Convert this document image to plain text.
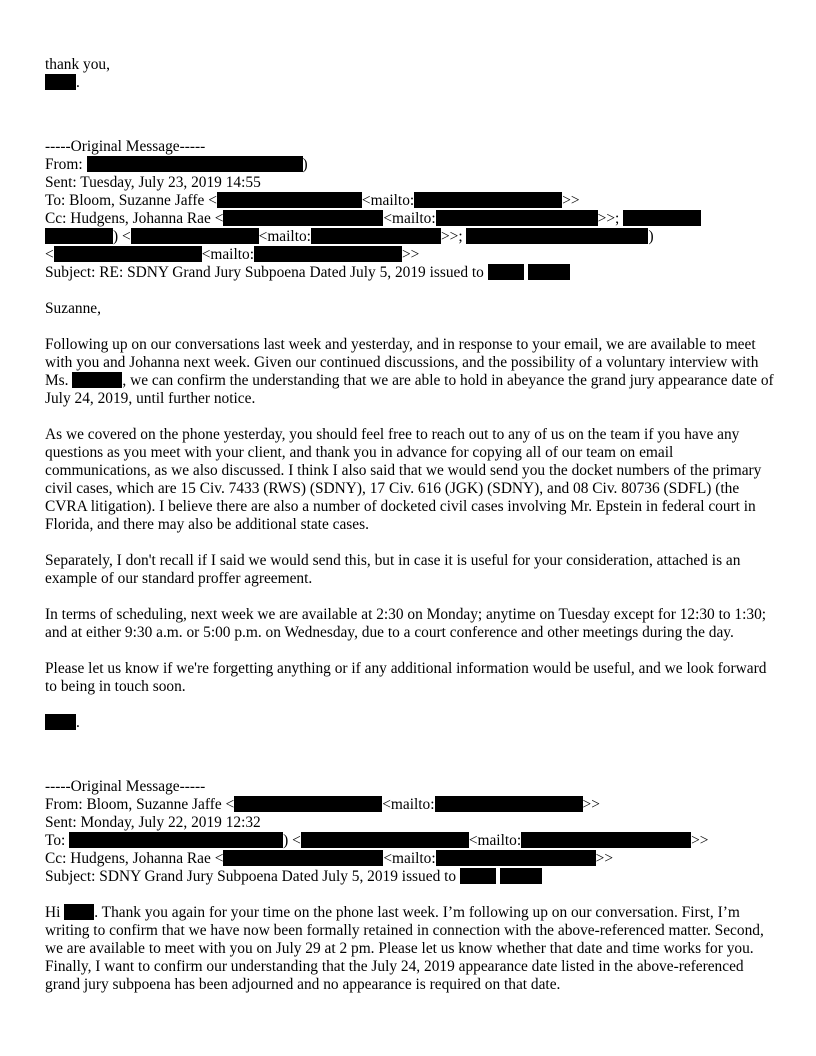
thank you,
.
-----Original Message-----
From:	)
Sent: Tuesday, July 23, 2019 14:55
To: Bloom, Suzanne Jaffe <	<mailto:	>>
Cc: Hudgens, Johanna Rae <	<mailto:	>>;
) <	<mailto:	>>;	)
<	<mailto:	>>
Subject: RE: SDNY Grand Jury Subpoena Dated July 5, 2019 issued to

Suzanne,

Following up on our conversations last week and yesterday, and in response to your email, we are available to meet with you and Johanna next week. Given our continued discussions, and the possibility of a voluntary interview with Ms.	, we can confirm the understanding that we are able to hold in abeyance the grand jury appearance date of July 24, 2019, until further notice.

As we covered on the phone yesterday, you should feel free to reach out to any of us on the team if you have any questions as you meet with your client, and thank you in advance for copying all of our team on email communications, as we also discussed. I think I also said that we would send you the docket numbers of the primary civil cases, which are 15 Civ. 7433 (RWS) (SDNY), 17 Civ. 616 (JGK) (SDNY), and 08 Civ. 80736 (SDFL) (the CVRA litigation). I believe there are also a number of docketed civil cases involving Mr. Epstein in federal court in Florida, and there may also be additional state cases.

Separately, I don't recall if I said we would send this, but in case it is useful for your consideration, attached is an example of our standard proffer agreement.

In terms of scheduling, next week we are available at 2:30 on Monday; anytime on Tuesday except for 12:30 to 1:30; and at either 9:30 a.m. or 5:00 p.m. on Wednesday, due to a court conference and other meetings during the day.

Please let us know if we're forgetting anything or if any additional information would be useful, and we look forward to being in touch soon.

.

-----Original Message-----
From: Bloom, Suzanne Jaffe <	<mailto:	>>
Sent: Monday, July 22, 2019 12:32
To:	) <	<mailto:	>>
Cc: Hudgens, Johanna Rae <	<mailto:	>>
Subject: SDNY Grand Jury Subpoena Dated July 5, 2019 issued to

Hi . Thank you again for your time on the phone last week. I’m following up on our conversation. First, I’m writing to confirm that we have now been formally retained in connection with the above-referenced matter. Second, we are available to meet with you on July 29 at 2 pm. Please let us know whether that date and time works for you. Finally, I want to confirm our understanding that the July 24, 2019 appearance date listed in the above-referenced grand jury subpoena has been adjourned and no appearance is required on that date.
